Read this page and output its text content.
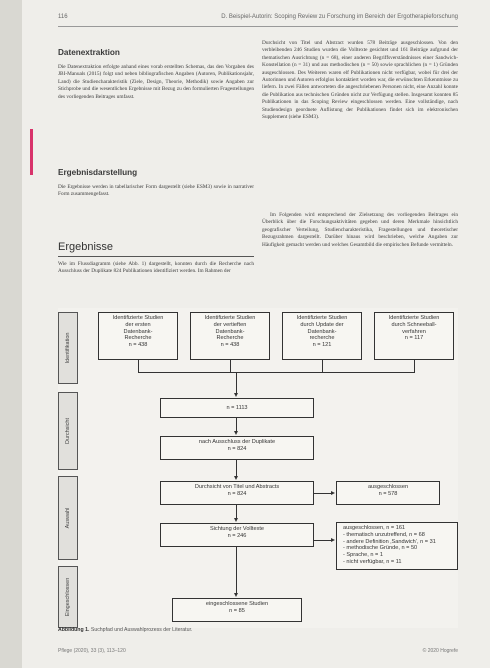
116	D. Beispiel-Autorin: Scoping Review zu Forschung im Bereich der Ergotherapieforschung
Datenextraktion

Die Datenextraktion erfolgte anhand eines vorab erstellten Schemas, das den Vorgaben des JBI-Manuals (2015) folgt und neben bibliografischen Angaben (Autoren, Publikationsjahr, Land) die Studiencharakteristik (Ziele, Design, Theorie, Methodik) sowie Angaben zur Stichprobe und die wesentlichen Ergebnisse mit Bezug zu den formulierten Fragestellungen des vorliegenden Beitrages umfasst.

Ergebnisdarstellung

Die Ergebnisse werden in tabellarischer Form dargestellt (siehe ESM3) sowie in narrativer Form zusammengefasst.

Ergebnisse

Wie im Flussdiagramm (siehe Abb. 1) dargestellt, konnten durch die Recherche nach Ausschluss der Duplikate 824 Publikationen identifiziert werden. Im Rahmen der

Durchsicht von Titel und Abstract wurden 578 Beiträge ausgeschlossen. Von den verbleibenden 246 Studien wurden die Volltexte gesichtet und 161 Beiträge aufgrund der thematischen Ausrichtung (n = 68), einer anderen Begriffsverständnisses einer Sandwich-Konstellation (n = 31) und aus methodischen (n = 50) sowie sprachlichen (n = 1) Gründen ausgeschlossen. Des Weiteren waren elf Publikationen nicht verfügbar, wobei für drei der Autorinnen und Autoren erfolglos kontaktiert worden war, die erwünschten Erkenntnisse zu liefern. In zwei Fällen antworteten die angeschriebenen Personen nicht, eine Anzahl konnte die Publikation aus technischen Gründen nicht zur Verfügung stellen. Insgesamt konnten 85 Publikationen in das Scoping Review eingeschlossen werden. Eine vollständige, nach Studiendesign geordnete Auflistung der Publikationen findet sich im elektronischen Supplement (siehe ESM3).

Im Folgenden wird entsprechend der Zielsetzung des vorliegenden Beitrages ein Überblick über die Forschungsaktivitäten gegeben und deren Merkmale hinsichtlich geografischer Verteilung, Studiencharakteristika, Fragestellungen und theoretischer Bezugsrahmen dargestellt. Darüber hinaus wird beschrieben, welche Angaben zur Häufigkeit gemacht werden und welches Gesamtbild die empirischen Befunde vermitteln.

Identifikation
Durchsicht
Auswahl
Eingeschlossen
Identifizierte Studien
der ersten
Datenbank-
Recherche
n = 438
Identifizierte Studien
der vertieften
Datenbank-
Recherche
n = 438
Identifizierte Studien
durch Update der
Datenbank-
recherche
n = 121
Identifizierte Studien
durch Schneeball-
verfahren
n = 117
n = 1113
nach Ausschluss der Duplikate
n = 824
Durchsicht von Titel und Abstracts
n = 824
ausgeschlossen
n = 578
Sichtung der Volltexte
n = 246
ausgeschlossen, n = 161
- thematisch unzutreffend, n = 68
- andere Definition ‚Sandwich‘, n = 31
- methodische Gründe, n = 50
- Sprache, n = 1
- nicht verfügbar, n = 11
eingeschlossene Studien
n = 85
Abbildung 1. Suchpfad und Auswahlprozess der Literatur.
Pflege (2020), 33 (3), 113–120	© 2020 Hogrefe
